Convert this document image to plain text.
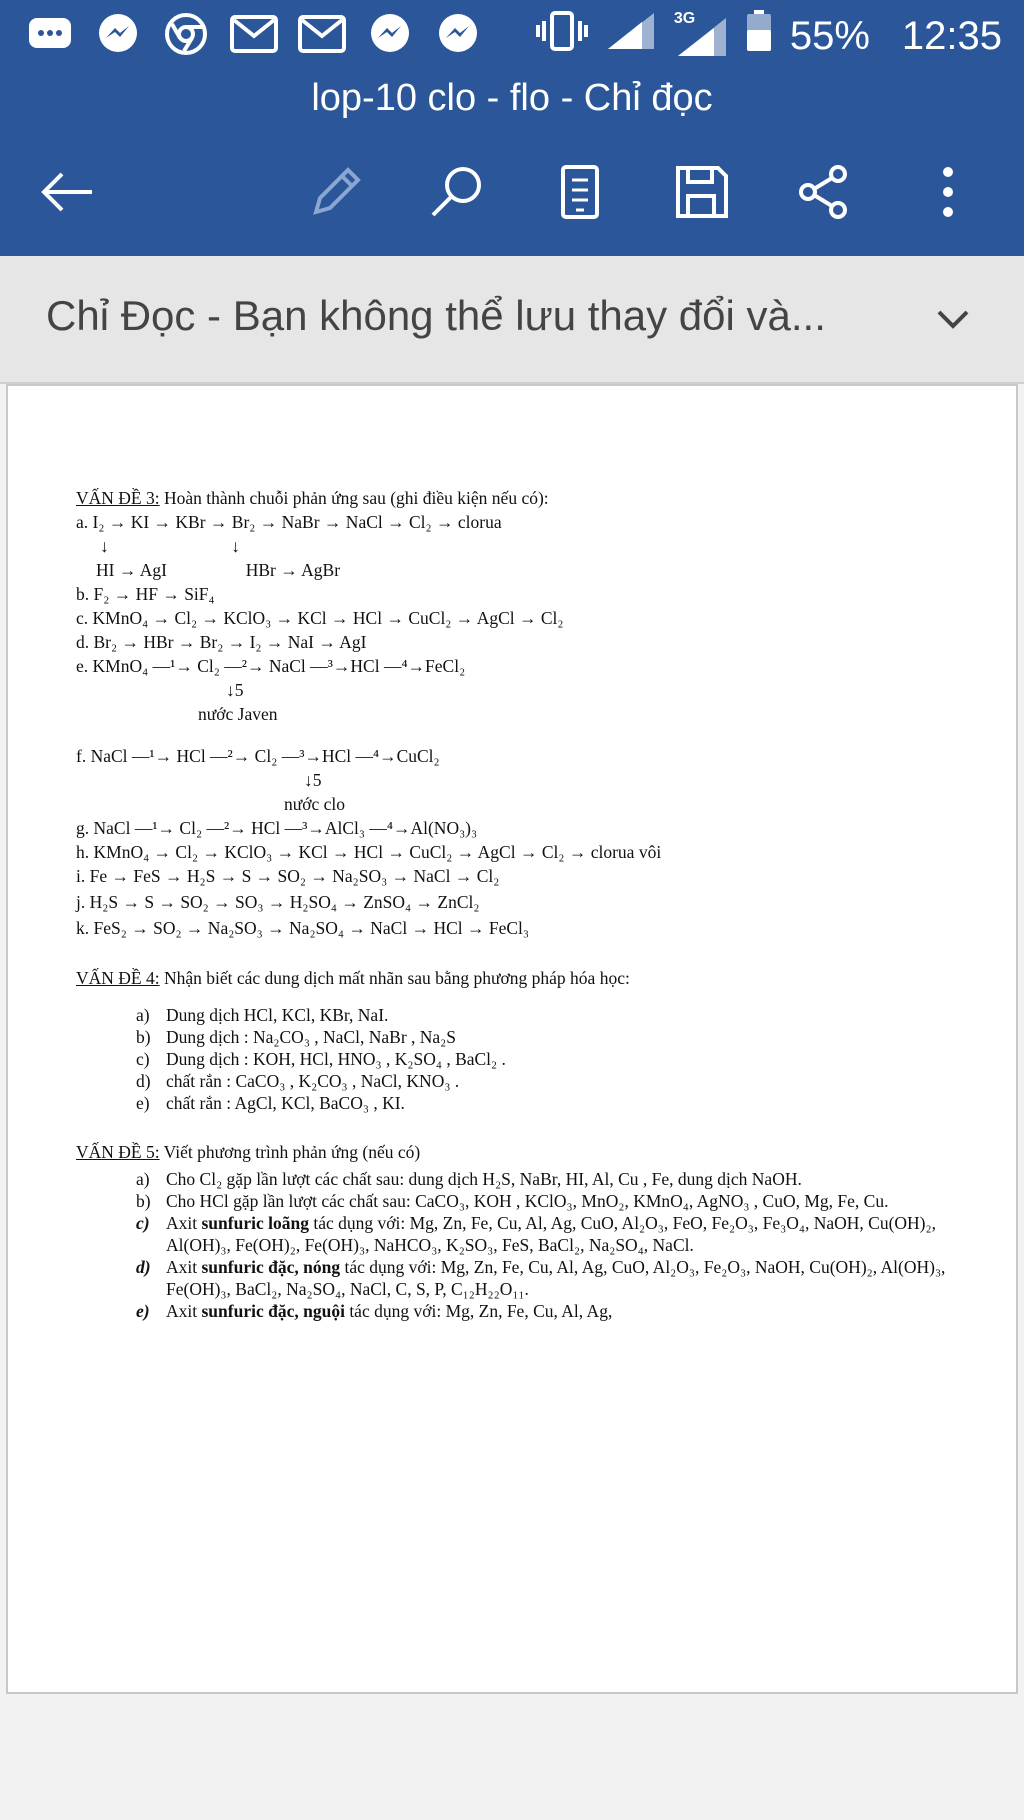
3G 55% 12:35
lop-10 clo - flo - Chỉ đọc
Chỉ Đọc - Bạn không thể lưu thay đổi và...

VẤN ĐỀ 3: Hoàn thành chuỗi phản ứng sau (ghi điều kiện nếu có):

a. I₂ → KI → KBr → Br₂ → NaBr → NaCl → Cl₂ → clorua

↓                            ↓

HI → AgI                  HBr → AgBr

b. F₂ → HF → SiF₄

c. KMnO₄ → Cl₂ → KClO₃ → KCl → HCl → CuCl₂ → AgCl → Cl₂

d. Br₂ → HBr → Br₂ → I₂ → NaI → AgI

e. KMnO₄ —¹→ Cl₂ —²→ NaCl —³→HCl —⁴→FeCl₂

↓5

nước Javen

f. NaCl —¹→ HCl —²→ Cl₂ —³→HCl —⁴→CuCl₂

↓5

nước clo

g. NaCl —¹→ Cl₂ —²→ HCl —³→AlCl₃ —⁴→Al(NO₃)₃

h. KMnO₄ → Cl₂ → KClO₃ → KCl → HCl → CuCl₂ → AgCl → Cl₂ → clorua vôi

i. Fe → FeS → H₂S → S → SO₂ → Na₂SO₃ → NaCl → Cl₂

j. H₂S → S → SO₂ → SO₃ → H₂SO₄ → ZnSO₄ → ZnCl₂

k. FeS₂ → SO₂ → Na₂SO₃ → Na₂SO₄ → NaCl → HCl → FeCl₃

VẤN ĐỀ 4: Nhận biết các dung dịch mất nhãn sau bằng phương pháp hóa học:

a) Dung dịch HCl, KCl, KBr, NaI.
b) Dung dịch : Na₂CO₃ , NaCl, NaBr , Na₂S
c) Dung dịch : KOH, HCl, HNO₃ , K₂SO₄ , BaCl₂ .
d) chất rắn : CaCO₃ , K₂CO₃ , NaCl, KNO₃ .
e) chất rắn : AgCl, KCl, BaCO₃ , KI.

VẤN ĐỀ 5: Viết phương trình phản ứng (nếu có)

a) Cho Cl₂ gặp lần lượt các chất sau: dung dịch H₂S, NaBr, HI, Al, Cu , Fe, dung dịch NaOH.
b) Cho HCl gặp lần lượt các chất sau: CaCO₃, KOH , KClO₃, MnO₂, KMnO₄, AgNO₃ , CuO, Mg, Fe, Cu.
c) Axit sunfuric loãng tác dụng với: Mg, Zn, Fe, Cu, Al, Ag, CuO, Al₂O₃, FeO, Fe₂O₃, Fe₃O₄, NaOH, Cu(OH)₂, Al(OH)₃, Fe(OH)₂, Fe(OH)₃, NaHCO₃, K₂SO₃, FeS, BaCl₂, Na₂SO₄, NaCl.
d) Axit sunfuric đặc, nóng tác dụng với: Mg, Zn, Fe, Cu, Al, Ag, CuO, Al₂O₃, Fe₂O₃, NaOH, Cu(OH)₂, Al(OH)₃, Fe(OH)₃, BaCl₂, Na₂SO₄, NaCl, C, S, P, C₁₂H₂₂O₁₁.
e) Axit sunfuric đặc, nguội tác dụng với: Mg, Zn, Fe, Cu, Al, Ag,
